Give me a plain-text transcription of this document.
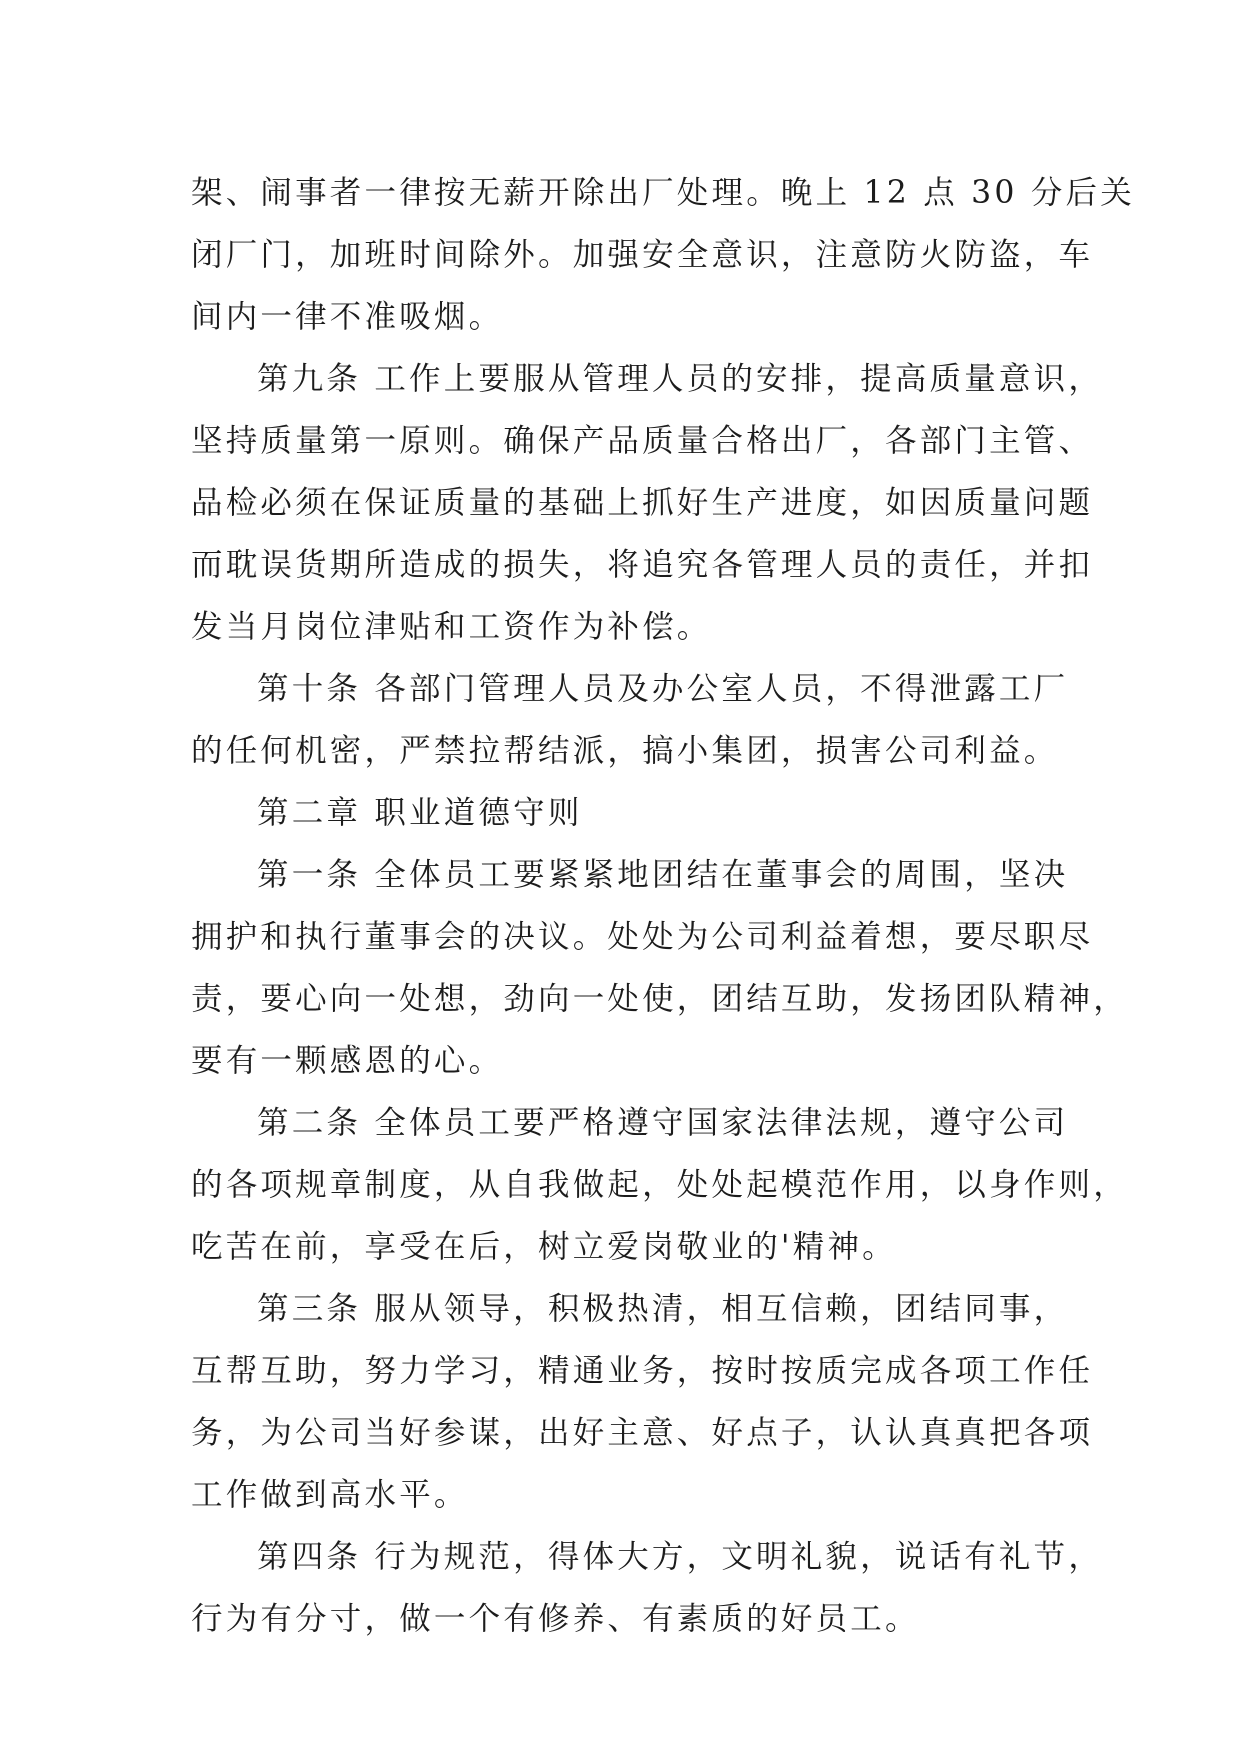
架、闹事者一律按无薪开除出厂处理。晚上 12 点 30 分后关
闭厂门，加班时间除外。加强安全意识，注意防火防盗，车
间内一律不准吸烟。
第九条 工作上要服从管理人员的安排，提高质量意识，
坚持质量第一原则。确保产品质量合格出厂，各部门主管、
品检必须在保证质量的基础上抓好生产进度，如因质量问题
而耽误货期所造成的损失，将追究各管理人员的责任，并扣
发当月岗位津贴和工资作为补偿。
第十条 各部门管理人员及办公室人员，不得泄露工厂
的任何机密，严禁拉帮结派，搞小集团，损害公司利益。
第二章 职业道德守则
第一条 全体员工要紧紧地团结在董事会的周围，坚决
拥护和执行董事会的决议。处处为公司利益着想，要尽职尽
责，要心向一处想，劲向一处使，团结互助，发扬团队精神，
要有一颗感恩的心。
第二条 全体员工要严格遵守国家法律法规，遵守公司
的各项规章制度，从自我做起，处处起模范作用，以身作则，
吃苦在前，享受在后，树立爱岗敬业的'精神。
第三条 服从领导，积极热清，相互信赖，团结同事，
互帮互助，努力学习，精通业务，按时按质完成各项工作任
务，为公司当好参谋，出好主意、好点子，认认真真把各项
工作做到高水平。
第四条 行为规范，得体大方，文明礼貌，说话有礼节，
行为有分寸，做一个有修养、有素质的好员工。
